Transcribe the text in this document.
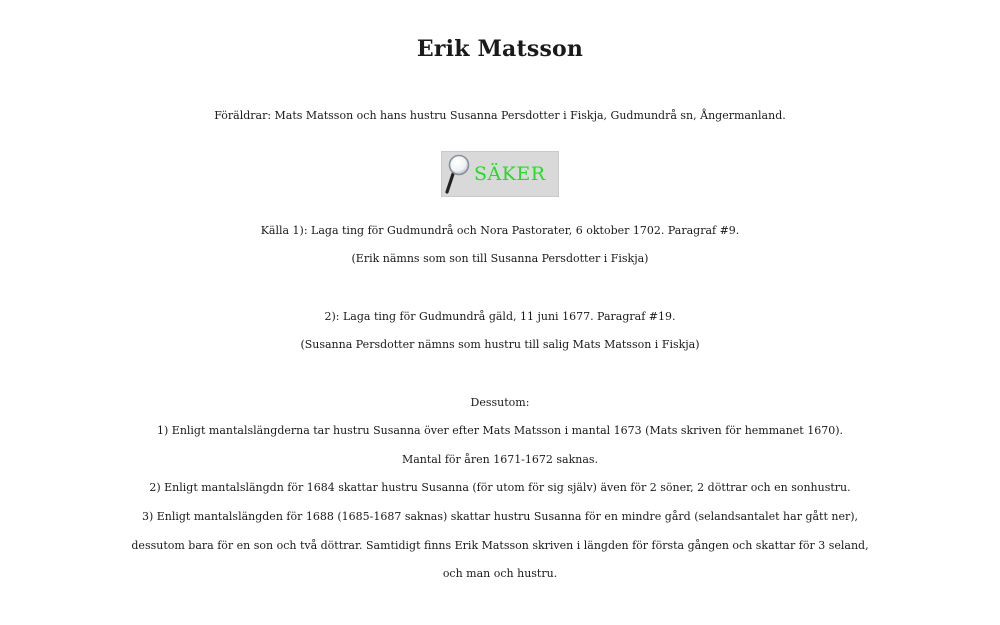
Erik Matsson
Föräldrar: Mats Matsson och hans hustru Susanna Persdotter i Fiskja, Gudmundrå sn, Ångermanland.
SÄKER
Källa 1): Laga ting för Gudmundrå och Nora Pastorater, 6 oktober 1702. Paragraf #9.
(Erik nämns som son till Susanna Persdotter i Fiskja)
2): Laga ting för Gudmundrå gäld, 11 juni 1677. Paragraf #19.
(Susanna Persdotter nämns som hustru till salig Mats Matsson i Fiskja)
Dessutom:
1) Enligt mantalslängderna tar hustru Susanna över efter Mats Matsson i mantal 1673 (Mats skriven för hemmanet 1670).
Mantal för åren 1671-1672 saknas.
2) Enligt mantalslängdn för 1684 skattar hustru Susanna (för utom för sig själv) även för 2 söner, 2 döttrar och en sonhustru.
3) Enligt mantalslängden för 1688 (1685-1687 saknas) skattar hustru Susanna för en mindre gård (selandsantalet har gått ner),
dessutom bara för en son och två döttrar. Samtidigt finns Erik Matsson skriven i längden för första gången och skattar för 3 seland,
och man och hustru.
